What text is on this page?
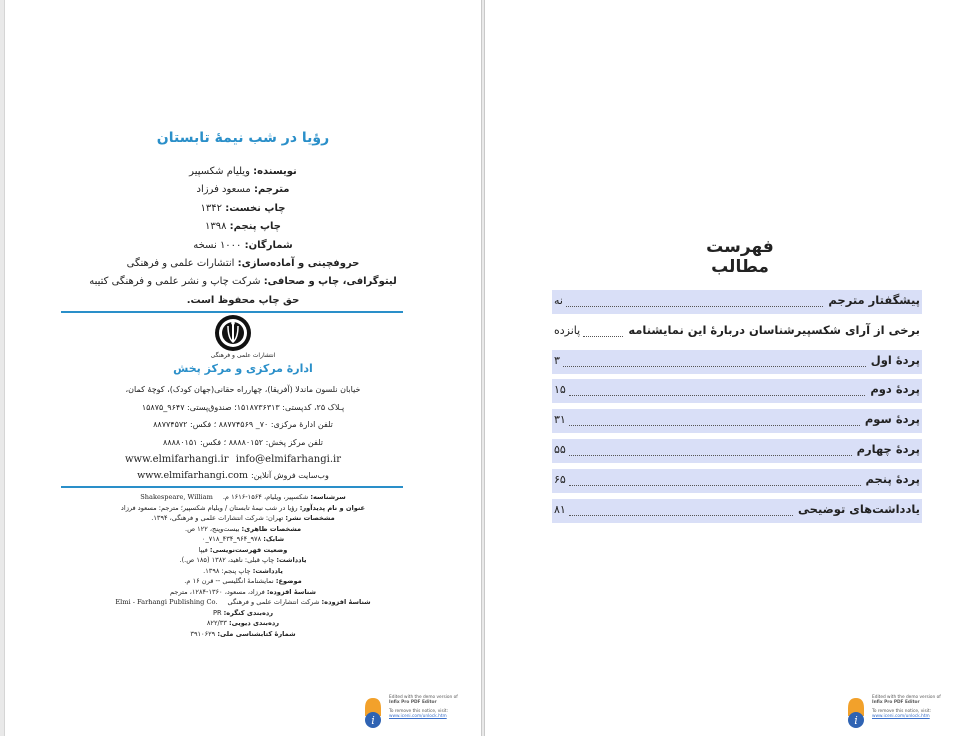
رؤیا در شب نیمهٔ تابستان
نویسنده: ویلیام شکسپیر
مترجم: مسعود فرزاد
چاپ نخست: ۱۳۴۲
چاپ پنجم: ۱۳۹۸
شمارگان: ۱۰۰۰ نسخه
حروفچینی و آماده‌سازی: انتشارات علمی و فرهنگی
لیتوگرافی، چاپ و صحافی: شرکت چاپ و نشر علمی و فرهنگی کتیبه
حق چاپ محفوظ است.
انتشارات علمی و فرهنگی
ادارهٔ مرکزی و مرکز پخش
خیابان نلسون ماندلا (آفریقا)، چهارراه حقانی(جهان کودک)، کوچهٔ کمان،
پـلاک ۲۵، کدپستی: ۱۵۱۸۷۳۶۳۱۳؛ صندوق‌پستی: ۹۶۴۷_۱۵۸۷۵
تلفن ادارهٔ مرکزی: ۷۰_ ۸۸۷۷۴۵۶۹ ؛ فکس: ۸۸۷۷۴۵۷۲
تلفن مرکز پخش: ۸۸۸۸۰۱۵۲ ؛ فکس: ۸۸۸۸۰۱۵۱
www.elmifarhangi.ir info@elmifarhangi.ir
وب‌سایت فروش آنلاین: www.elmifarhangi.com
سرشناسه: شکسپیر، ویلیام، ۱۵۶۴-۱۶۱۶ م.Shakespeare, William
عنوان و نام پدیدآور: رؤیا در شب نیمهٔ تابستان / ویلیام شکسپیر؛ مترجم: مسعود فرزاد
مشخصات نشر: تهران: شرکت انتشارات علمی و فرهنگی، ۱۳۹۴.
مشخصات ظاهری: بیست‌وپنج، ۱۲۲ ص.
شابک: ۹۷۸_۹۶۴_۴۳۴_۷۱۸_۰
وضعیت فهرست‌نویسی: فیپا
یادداشت: چاپ قبلی: ناهید، ۱۳۸۲ (۱۸۵ ص.).
یادداشت: چاپ پنجم: ۱۳۹۸.
موضوع: نمایشنامهٔ انگلیسی -- قرن ۱۶ م.
شناسهٔ افزوده: فرزاد، مسعود، ۱۳۶۰-۱۲۸۴، مترجم
شناسهٔ افزوده: شرکت انتشارات علمی و فرهنگیElmi - Farhangi Publishing Co.
رده‌بندی کنگره: PR
رده‌بندی دیویی: ۸۲۲/۳۳
شمارهٔ کتابشناسی ملی: ۳۹۱۰۶۲۹
i
Edited with the demo version of
Infix Pro PDF Editor
To remove this notice, visit:
www.iceni.com/unlock.htm
فهرست مطالب
پیشگفتار مترجم
نه
برخی از آرای شکسپیرشناسان دربارهٔ این نمایشنامه
پانزده
پردهٔ اول
۳
پردهٔ دوم
۱۵
پردهٔ سوم
۳۱
پردهٔ چهارم
۵۵
پردهٔ پنجم
۶۵
یادداشت‌های توضیحی
۸۱
i
Edited with the demo version of
Infix Pro PDF Editor
To remove this notice, visit:
www.iceni.com/unlock.htm
